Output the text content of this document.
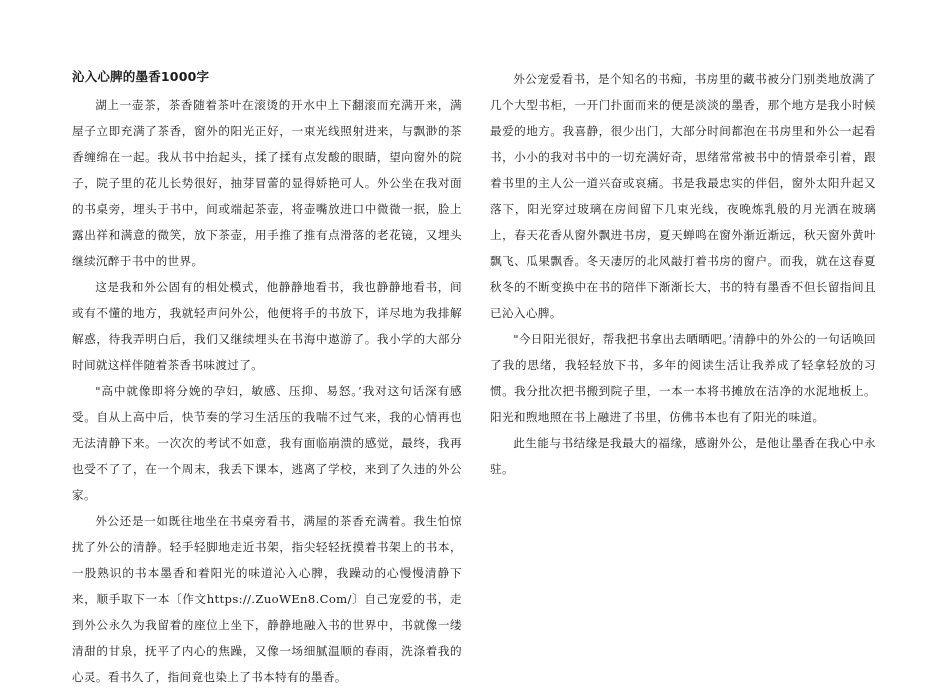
沁入心脾的墨香1000字

湖上一壶茶，茶香随着茶叶在滚烫的开水中上下翻滚而充满开来，满屋子立即充满了茶香，窗外的阳光正好，一束光线照射进来，与飘渺的茶香缠绵在一起。我从书中抬起头，揉了揉有点发酸的眼睛，望向窗外的院子，院子里的花儿长势很好，抽芽冒蕾的显得娇艳可人。外公坐在我对面的书桌旁，埋头于书中，间或端起茶壶，将壶嘴放进口中微微一抿，脸上露出祥和满意的微笑，放下茶壶，用手推了推有点滑落的老花镜，又埋头继续沉醉于书中的世界。

这是我和外公固有的相处模式，他静静地看书，我也静静地看书，间或有不懂的地方，我就轻声问外公，他便将手的书放下，详尽地为我排解解惑，待我弄明白后，我们又继续埋头在书海中遨游了。我小学的大部分时间就这样伴随着茶香书味渡过了。

"高中就像即将分娩的孕妇，敏感、压抑、易怒。’我对这句话深有感受。自从上高中后，快节奏的学习生活压的我喘不过气来，我的心情再也无法清静下来。一次次的考试不如意，我有面临崩溃的感觉，最终，我再也受不了了，在一个周末，我丢下课本，逃离了学校，来到了久违的外公家。

外公还是一如既往地坐在书桌旁看书，满屋的茶香充满着。我生怕惊扰了外公的清静。轻手轻脚地走近书架，指尖轻轻抚摸着书架上的书本，一股熟识的书本墨香和着阳光的味道沁入心脾，我躁动的心慢慢清静下来，顺手取下一本〔作文https://.ZuoWEn8.Com/〕自己宠爱的书，走到外公永久为我留着的座位上坐下，静静地融入书的世界中，书就像一缕清甜的甘泉，抚平了内心的焦躁，又像一场细腻温顺的春雨，洗涤着我的心灵。看书久了，指间竟也染上了书本特有的墨香。

外公宠爱看书，是个知名的书痴，书房里的藏书被分门别类地放满了几个大型书柜，一开门扑面而来的便是淡淡的墨香，那个地方是我小时候最爱的地方。我喜静，很少出门，大部分时间都泡在书房里和外公一起看书，小小的我对书中的一切充满好奇，思绪常常被书中的情景牵引着，跟着书里的主人公一道兴奋或哀痛。书是我最忠实的伴侣，窗外太阳升起又落下，阳光穿过玻璃在房间留下几束光线，夜晚炼乳般的月光洒在玻璃上，春天花香从窗外飘进书房，夏天蝉鸣在窗外渐近渐远，秋天窗外黄叶飘飞、瓜果飘香。冬天凄厉的北风敲打着书房的窗户。而我，就在这春夏秋冬的不断变换中在书的陪伴下渐渐长大，书的特有墨香不但长留指间且已沁入心脾。

"今日阳光很好，帮我把书拿出去晒晒吧。’清静中的外公的一句话唤回了我的思绪，我轻轻放下书，多年的阅读生活让我养成了轻拿轻放的习惯。我分批次把书搬到院子里，一本一本将书摊放在洁净的水泥地板上。阳光和煦地照在书上融进了书里，仿佛书本也有了阳光的味道。

此生能与书结缘是我最大的福缘，感谢外公，是他让墨香在我心中永驻。
